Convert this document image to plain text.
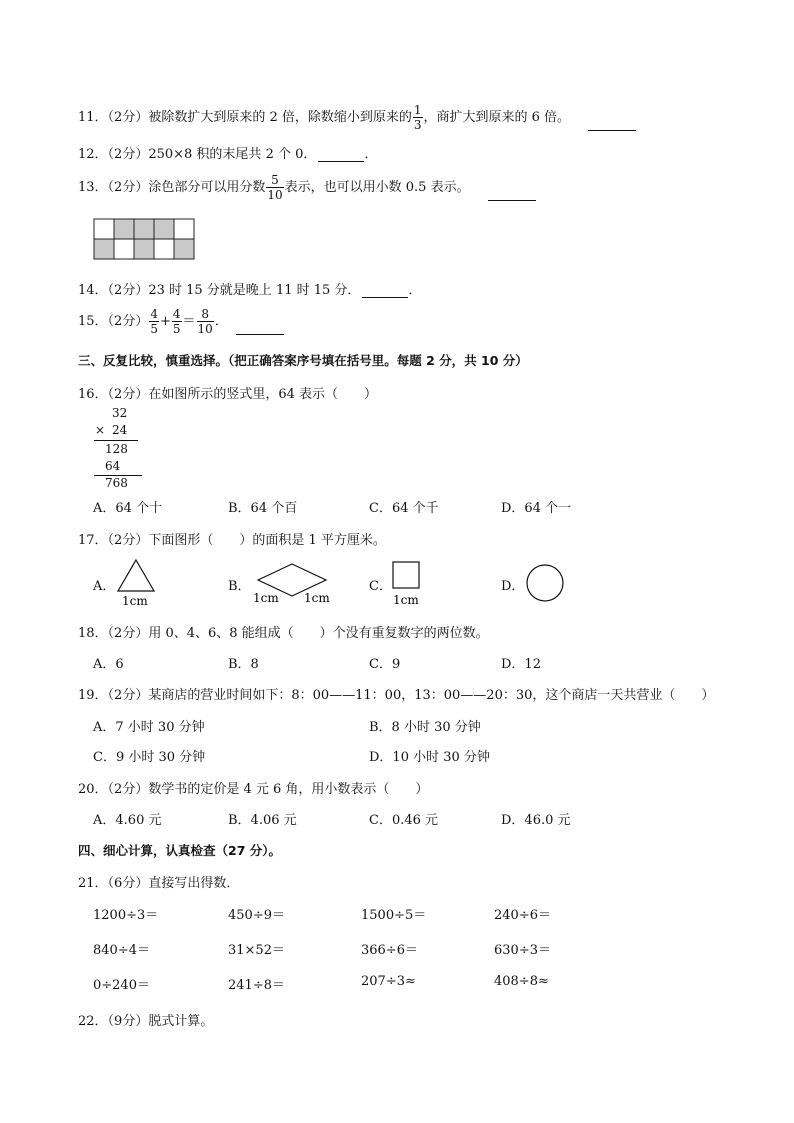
11．（2分）被除数扩大到原来的 2 倍，除数缩小到原来的 $\frac{1}{3}$ ，商扩大到原来的 6 倍。
12．（2分）250×8 积的末尾共 2 个 0．	．
13．（2分）涂色部分可以用分数 $\frac{5}{10}$ 表示，也可以用小数 0.5 表示。
14．（2分）23 时 15 分就是晚上 11 时 15 分．	．
15．（2分） $\frac{4}{5} + \frac{4}{5} = \frac{8}{10}$ ．
三、反复比较，慎重选择。（把正确答案序号填在括号里。每题 2 分，共 10 分）
16．（2分）在如图所示的竖式里，64 表示（　　）
32
× 24
128
64
768
A．64 个十	B．64 个百	C．64 个千	D．64 个一
17．（2分）下面图形（　　）的面积是 1 平方厘米。
A．
1cm
B．
1cm 1cm
C．
1cm
D．
18．（2分）用 0、4、6、8 能组成（　　）个没有重复数字的两位数。
A．6	B．8	C．9	D．12
19．（2分）某商店的营业时间如下：8：00——11：00，13：00——20：30，这个商店一天共营业（　　）
A．7 小时 30 分钟	B．8 小时 30 分钟
C．9 小时 30 分钟	D．10 小时 30 分钟
20．（2分）数学书的定价是 4 元 6 角，用小数表示（　　）
A．4.60 元	B．4.06 元	C．0.46 元	D．46.0 元
四、细心计算，认真检查（27 分）。
21．（6分）直接写出得数．
1200÷3＝	450÷9＝	1500÷5＝	240÷6＝
840÷4＝	31×52＝	366÷6＝	630÷3＝
0÷240＝	241÷8＝	207÷3≈	408÷8≈
22．（9分）脱式计算。
